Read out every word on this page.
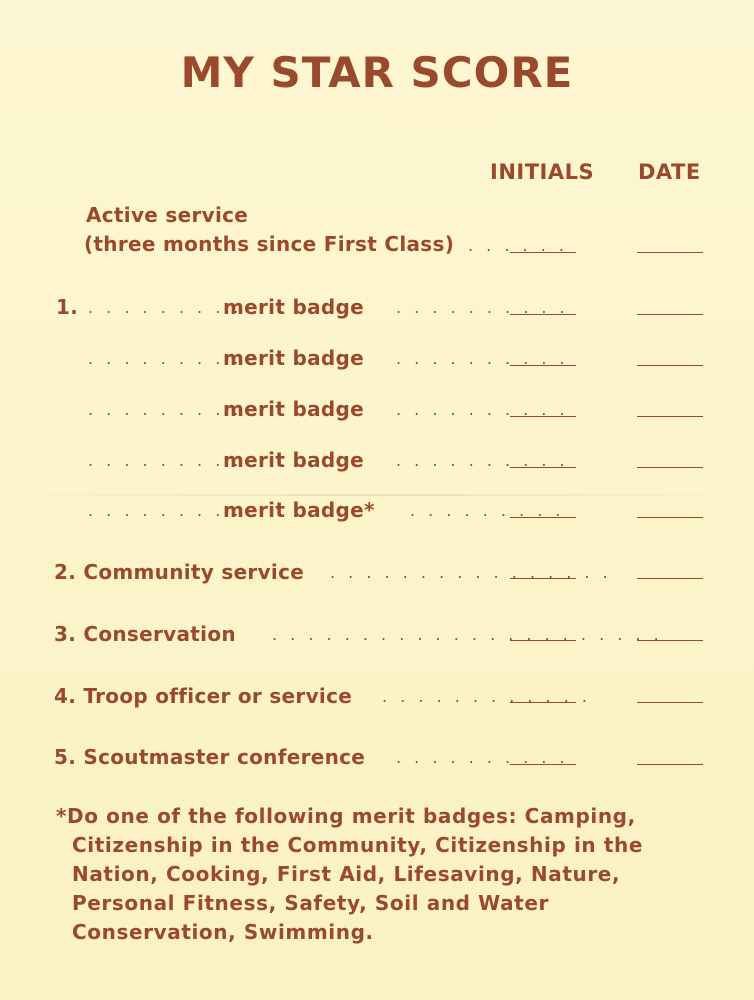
MY STAR SCORE
INITIALS DATE
Active service
(three months since First Class) . . . . . .
1. . . . . . . . . . .
merit badge . . . . . . . . . .
. . . . . . . . . .
merit badge . . . . . . . . . .
. . . . . . . . . .
merit badge . . . . . . . . . .
. . . . . . . . . .
merit badge . . . . . . . . . .
. . . . . . . . . .
merit badge* . . . . . . . . .
2. Community service . . . . . . . . . . . . . . . .
3. Conservation . . . . . . . . . . . . . . . . . . . . . .
4. Troop officer or service . . . . . . . . . . . .
5. Scoutmaster conference . . . . . . . . . .
*Do one of the following merit badges: Camping,
Citizenship in the Community, Citizenship in the Nation, Cooking, First Aid, Lifesaving, Nature, Personal Fitness, Safety, Soil and Water Conservation, Swimming.
